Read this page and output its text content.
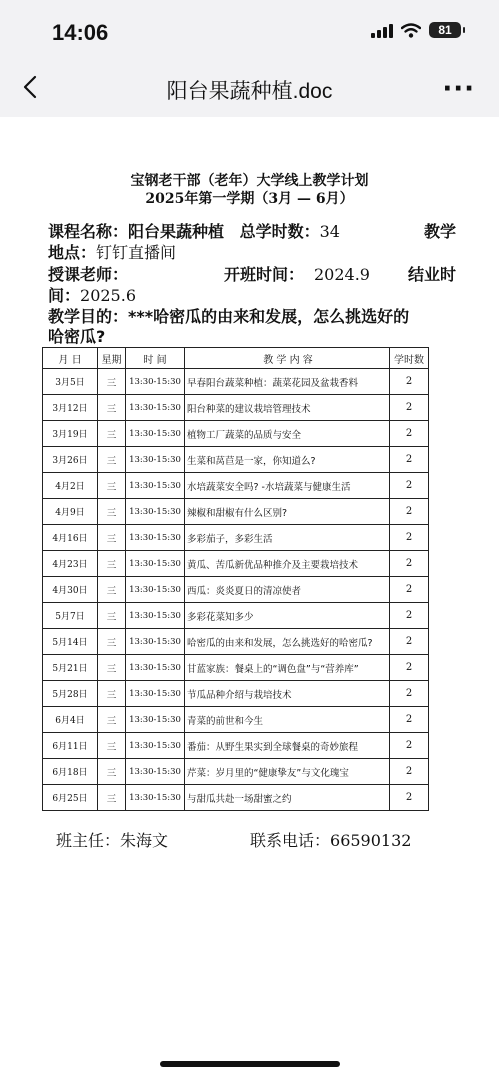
14:06	81
阳台果蔬种植.doc	···
宝钢老干部（老年）大学线上教学计划
2025年第一学期（3月 — 6月）
课程名称：阳台果蔬种植 总学时数：34	教学
地点：钉钉直播间
授课老师：	开班时间： 2024.9 结业时
间：2025.6
教学目的：***哈密瓜的由来和发展，怎么挑选好的
哈密瓜?
月 日	星期	时 间	教 学 内 容	学时数
3月5日	三	13:30-15:30	早春阳台蔬菜种植：蔬菜花园及盆栽香料	2
3月12日	三	13:30-15:30	阳台种菜的建议栽培管理技术	2
3月19日	三	13:30-15:30	植物工厂蔬菜的品质与安全	2
3月26日	三	13:30-15:30	生菜和莴苣是一家，你知道么?	2
4月2日	三	13:30-15:30	水培蔬菜安全吗? -水培蔬菜与健康生活	2
4月9日	三	13:30-15:30	辣椒和甜椒有什么区别?	2
4月16日	三	13:30-15:30	多彩茄子，多彩生活	2
4月23日	三	13:30-15:30	黄瓜、苦瓜新优品种推介及主要栽培技术	2
4月30日	三	13:30-15:30	西瓜：炎炎夏日的清凉使者	2
5月7日	三	13:30-15:30	多彩花菜知多少	2
5月14日	三	13:30-15:30	哈密瓜的由来和发展，怎么挑选好的哈密瓜?	2
5月21日	三	13:30-15:30	甘蓝家族：餐桌上的“调色盘”与“营养库”	2
5月28日	三	13:30-15:30	节瓜品种介绍与栽培技术	2
6月4日	三	13:30-15:30	青菜的前世和今生	2
6月11日	三	13:30-15:30	番茄：从野生果实到全球餐桌的奇妙旅程	2
6月18日	三	13:30-15:30	芹菜：岁月里的“健康挚友”与文化瑰宝	2
6月25日	三	13:30-15:30	与甜瓜共赴一场甜蜜之约	2
班主任：朱海文	联系电话：66590132
